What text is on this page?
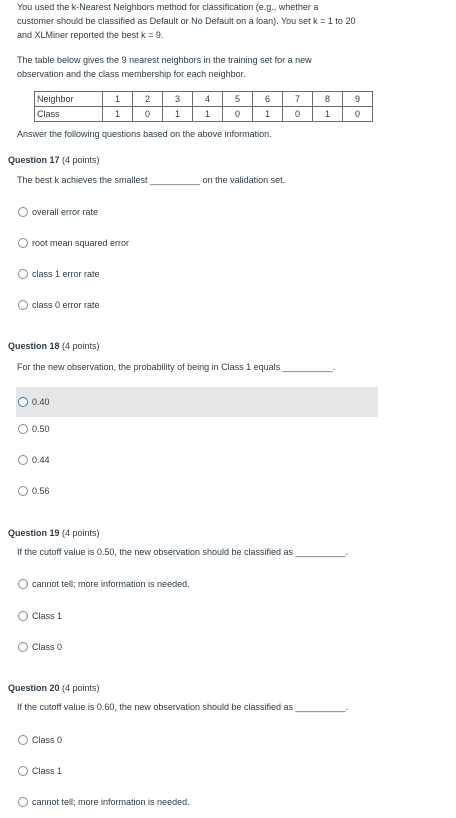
You used the k-Nearest Neighbors method for classification (e.g., whether a

customer should be classified as Default or No Default on a loan). You set k = 1 to 20

and XLMiner reported the best k = 9.

The table below gives the 9 nearest neighbors in the training set for a new
observation and the class membership for each neighbor.
Neighbor	1	2	3	4	5	6	7	8	9
Class	1	0	1	1	0	1	0	1	0
Answer the following questions based on the above information.
Question 17 (4 points)
The best k achieves the smallest __________ on the validation set.
overall error rate
root mean squared error
class 1 error rate
class 0 error rate
Question 18 (4 points)
For the new observation, the probability of being in Class 1 equals __________.
0.40
0.50
0.44
0.56
Question 19 (4 points)
If the cutoff value is 0.50, the new observation should be classified as __________.
cannot tell; more information is needed.
Class 1
Class 0
Question 20 (4 points)
If the cutoff value is 0.60, the new observation should be classified as __________.
Class 0
Class 1
cannot tell; more information is needed.
